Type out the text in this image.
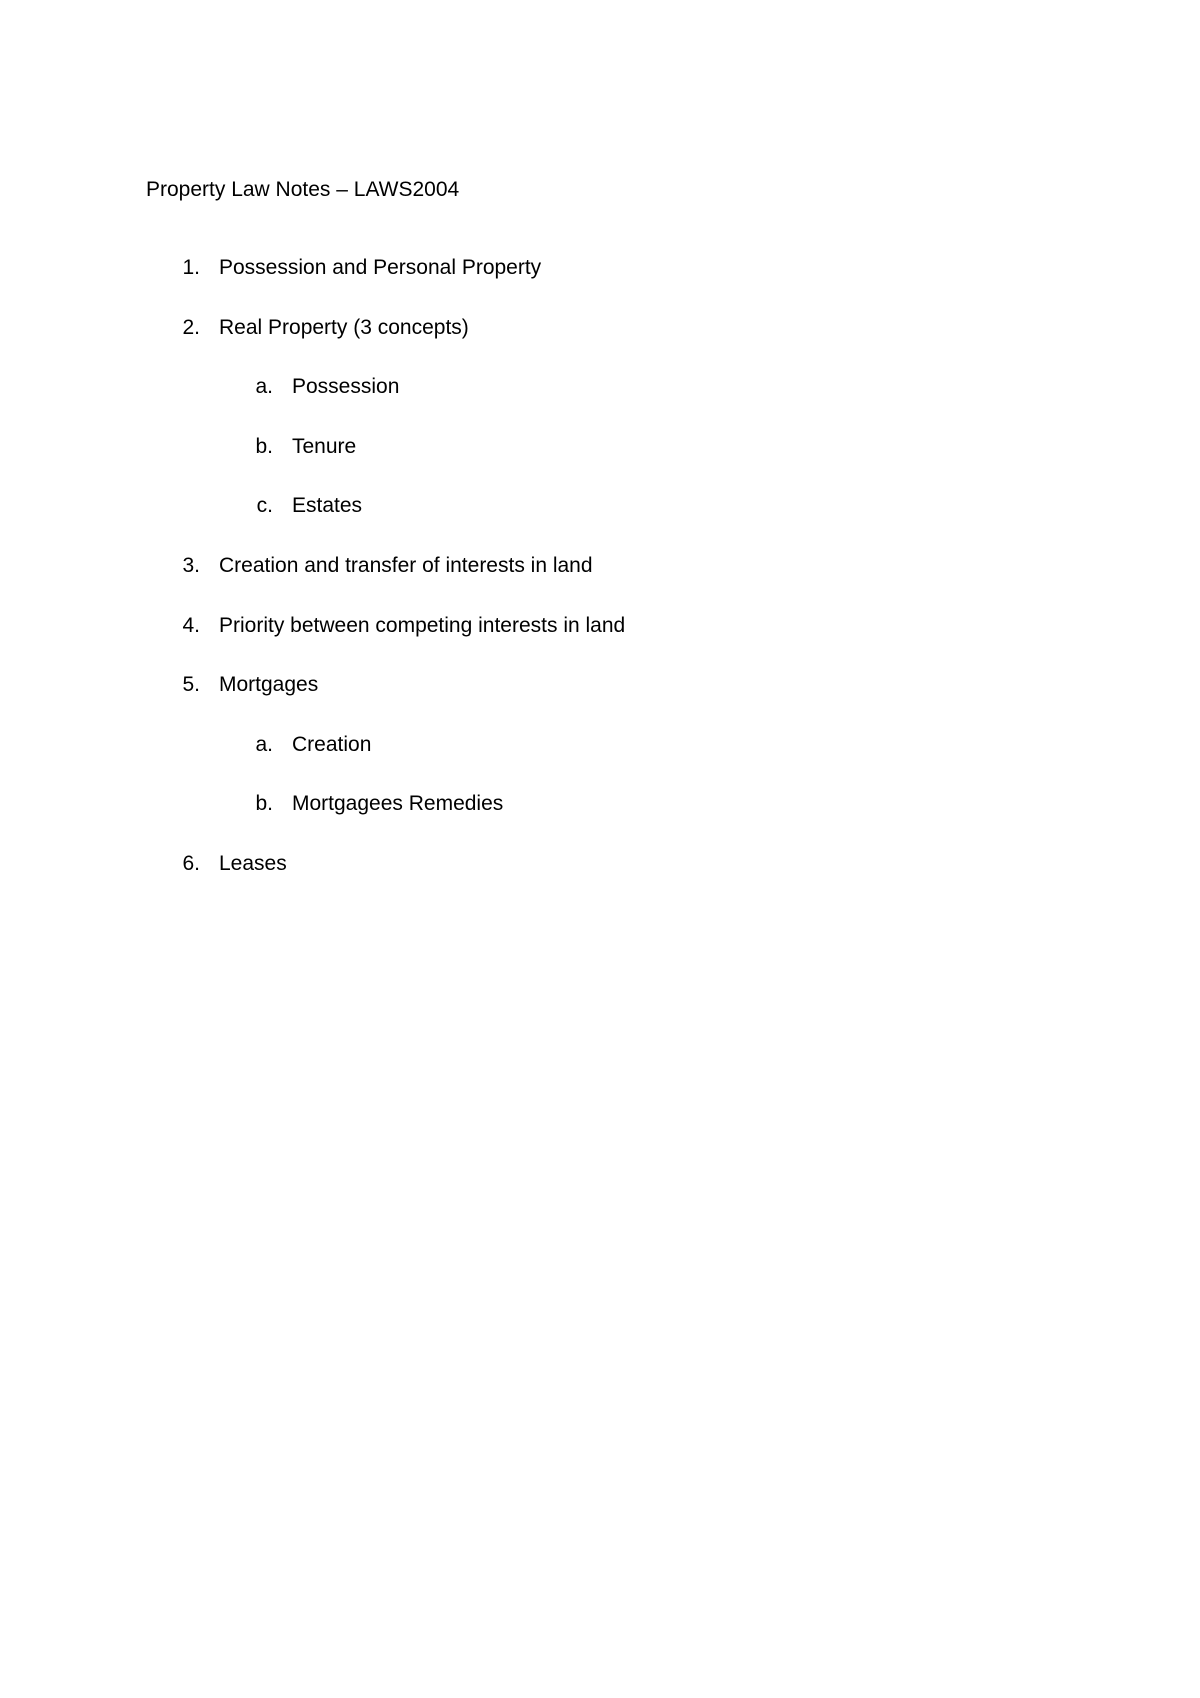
Property Law Notes – LAWS2004
1. Possession and Personal Property
2. Real Property (3 concepts)
a. Possession
b. Tenure
c. Estates
3. Creation and transfer of interests in land
4. Priority between competing interests in land
5. Mortgages
a. Creation
b. Mortgagees Remedies
6. Leases
